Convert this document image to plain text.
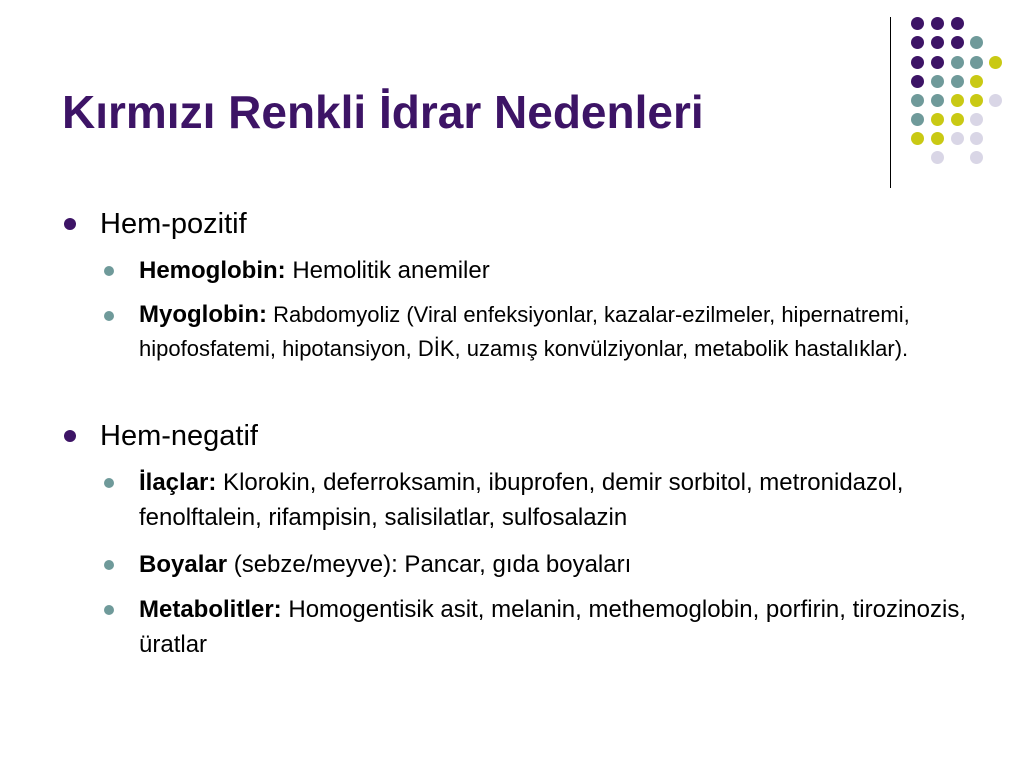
Kırmızı Renkli İdrar Nedenleri
Hem-pozitif
Hemoglobin: Hemolitik anemiler
Myoglobin: Rabdomyoliz (Viral enfeksiyonlar, kazalar-ezilmeler, hipernatremi, hipofosfatemi, hipotansiyon, DİK, uzamış konvülziyonlar, metabolik hastalıklar).
Hem-negatif
İlaçlar: Klorokin, deferroksamin, ibuprofen, demir sorbitol, metronidazol, fenolftalein, rifampisin, salisilatlar, sulfosalazin
Boyalar (sebze/meyve): Pancar, gıda boyaları
Metabolitler: Homogentisik asit, melanin, methemoglobin, porfirin, tirozinozis, üratlar
